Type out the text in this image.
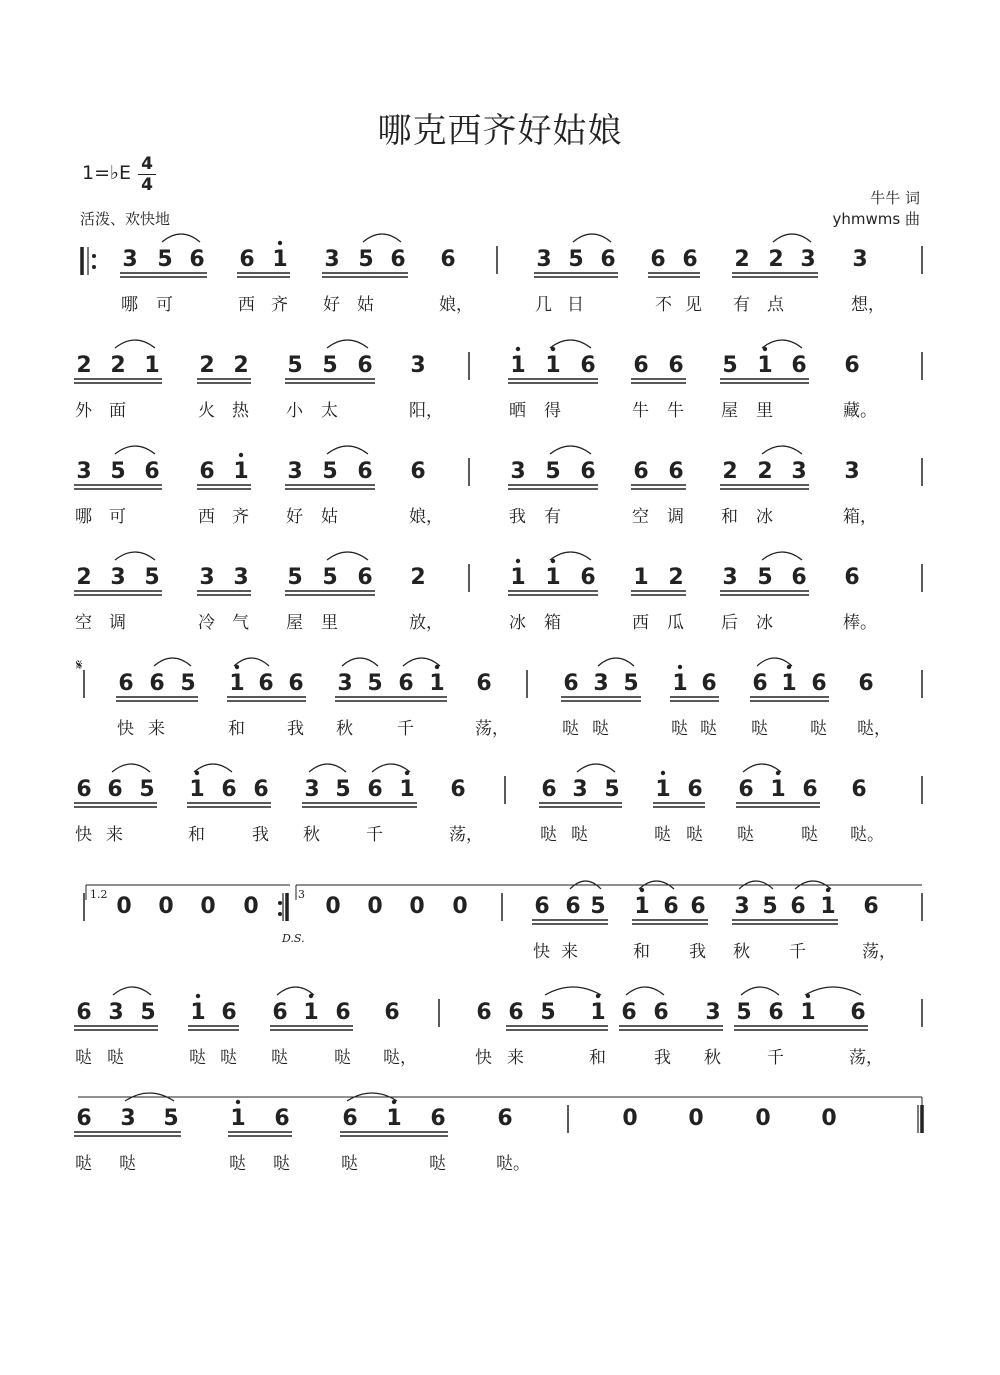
哪克西齐好姑娘
1=♭E 4
4
活泼、欢快地
牛牛 词
yhmwms 曲
3 5 6 6 1 3 5 6 6	3 5 6 6 6 2 2 3 3
哪 可	西 齐 好 姑	娘，	几 日	不 见 有 点	想，
2 2 1 2 2 5 5 6 3	1 1 6 6 6 5 1 6 6
外 面	火 热 小 太	阳，	晒 得	牛 牛 屋 里	藏。
3 5 6 6 1 3 5 6 6	3 5 6 6 6 2 2 3 3
哪 可	西 齐 好 姑	娘，	我 有	空 调 和 冰	箱，
2 3 5 3 3 5 5 6 2	1 1 6 1 2 3 5 6 6
空 调	冷 气 屋 里	放，	冰 箱	西 瓜 后 冰	棒。
6 6 5 1 6 6 3 5 6 1 6	6 3 5 1 6 6 1 6 6
快 来	和 我 秋	千	荡，	哒 哒	哒 哒 哒 哒 哒，
6 6 5 1 6 6 3 5 6 1 6	6 3 5 1 6 6 1 6 6
快 来	和	我 秋	千	荡，	哒 哒	哒 哒 哒	哒 哒。
0 0 0 0	0 0 0 0	6 6 5 1 6 6 3 5 6 1 6
快 来	和 我 秋 千	荡，
6 3 5 1 6 6 1 6 6	6 6 5 1 6 6 3 5 6 1 6
哒 哒	哒 哒 哒	哒 哒，	快 来	和	我 秋	千	荡，
6 3 5 1 6 6 1 6 6	0 0 0 0
哒 哒	哒 哒	哒	哒	哒。
𝄋
1.2	3
D.S.
